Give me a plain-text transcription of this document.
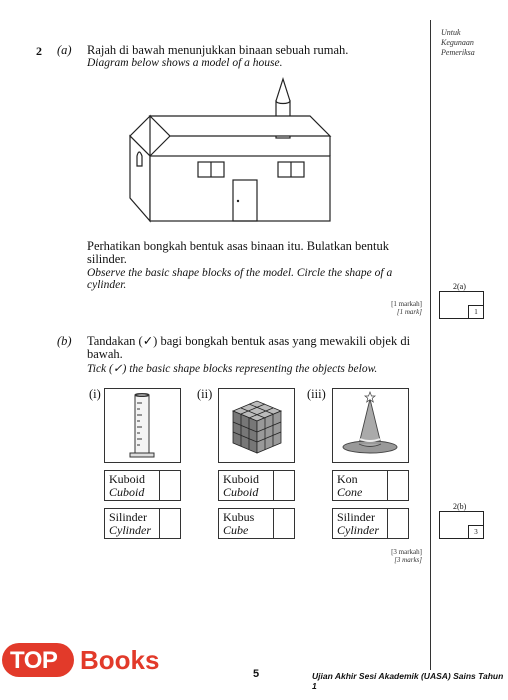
Untuk
Kegunaan
Pemeriksa
2 (a) Rajah di bawah menunjukkan binaan sebuah rumah.
Diagram below shows a model of a house.
Perhatikan bongkah bentuk asas binaan itu. Bulatkan bentuk silinder.
Observe the basic shape blocks of the model. Circle the shape of a cylinder.
[1 markah]
[1 mark]
2(a)
1
(b) Tandakan (✓) bagi bongkah bentuk asas yang mewakili objek di bawah.
Tick (✓) the basic shape blocks representing the objects below.
(i)
Kuboid
Cuboid
Silinder
Cylinder
(ii)
Kuboid
Cuboid
Kubus
Cube
(iii)
Kon
Cone
Silinder
Cylinder
[3 markah]
[3 marks]
2(b)
3
TOP Books	5	Ujian Akhir Sesi Akademik (UASA) Sains Tahun 1
